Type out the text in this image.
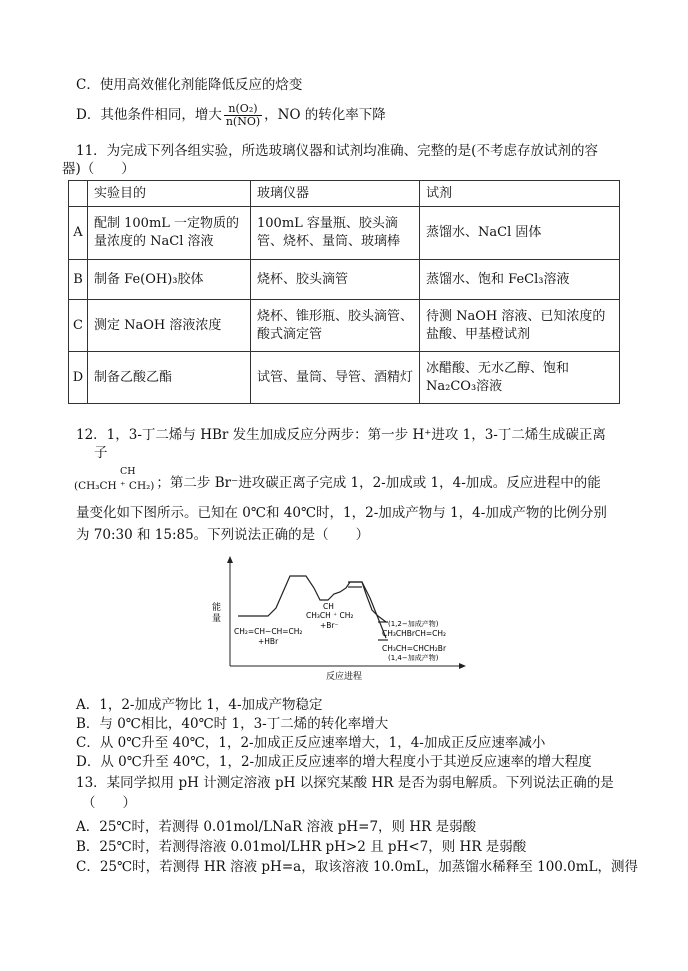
C．使用高效催化剂能降低反应的焓变
D．其他条件相同，增大 $\frac{\text{n(O₂)}}{n(NO)}$ ，NO 的转化率下降
11．为完成下列各组实验，所选玻璃仪器和试剂均准确、完整的是(不考虑存放试剂的容
器)（　　）
	实验目的	玻璃仪器	试剂
A	配制 100mL 一定物质的量浓度的 NaCl 溶液	100mL 容量瓶、胶头滴管、烧杯、量筒、玻璃棒	蒸馏水、NaCl 固体
B	制备 Fe(OH)₃胶体	烧杯、胶头滴管	蒸馏水、饱和 FeCl₃溶液
C	测定 NaOH 溶液浓度	烧杯、锥形瓶、胶头滴管、酸式滴定管	待测 NaOH 溶液、已知浓度的盐酸、甲基橙试剂
D	制备乙酸乙酯	试管、量筒、导管、酒精灯	冰醋酸、无水乙醇、饱和 Na₂CO₃溶液
12．1，3-丁二烯与 HBr 发生加成反应分两步：第一步 H⁺进攻 1，3-丁二烯生成碳正离
子
CH
(CH₃CH ⁺ CH₂) ；第二步 Br⁻进攻碳正离子完成 1，2-加成或 1，4-加成。反应进程中的能
量变化如下图所示。已知在 0℃和 40℃时，1，2-加成产物与 1，4-加成产物的比例分别
为 70:30 和 15:85。下列说法正确的是（　　）
能
量
反应进程
CH₂=CH−CH=CH₂
+HBr
CH
CH₃CH ⁺ CH₂
+Br⁻	(1,2−加成产物)
CH₃CHBrCH=CH₂
CH₃CH=CHCH₂Br
(1,4−加成产物)
A．1，2-加成产物比 1，4-加成产物稳定
B．与 0℃相比，40℃时 1，3-丁二烯的转化率增大
C．从 0℃升至 40℃，1，2-加成正反应速率增大，1，4-加成正反应速率减小
D．从 0℃升至 40℃，1，2-加成正反应速率的增大程度小于其逆反应速率的增大程度
13．某同学拟用 pH 计测定溶液 pH 以探究某酸 HR 是否为弱电解质。下列说法正确的是
（　　）
A．25℃时，若测得 0.01mol/LNaR 溶液 pH=7，则 HR 是弱酸
B．25℃时，若测得溶液 0.01mol/LHR pH>2 且 pH<7，则 HR 是弱酸
C．25℃时，若测得 HR 溶液 pH=a，取该溶液 10.0mL，加蒸馏水稀释至 100.0mL，测得
